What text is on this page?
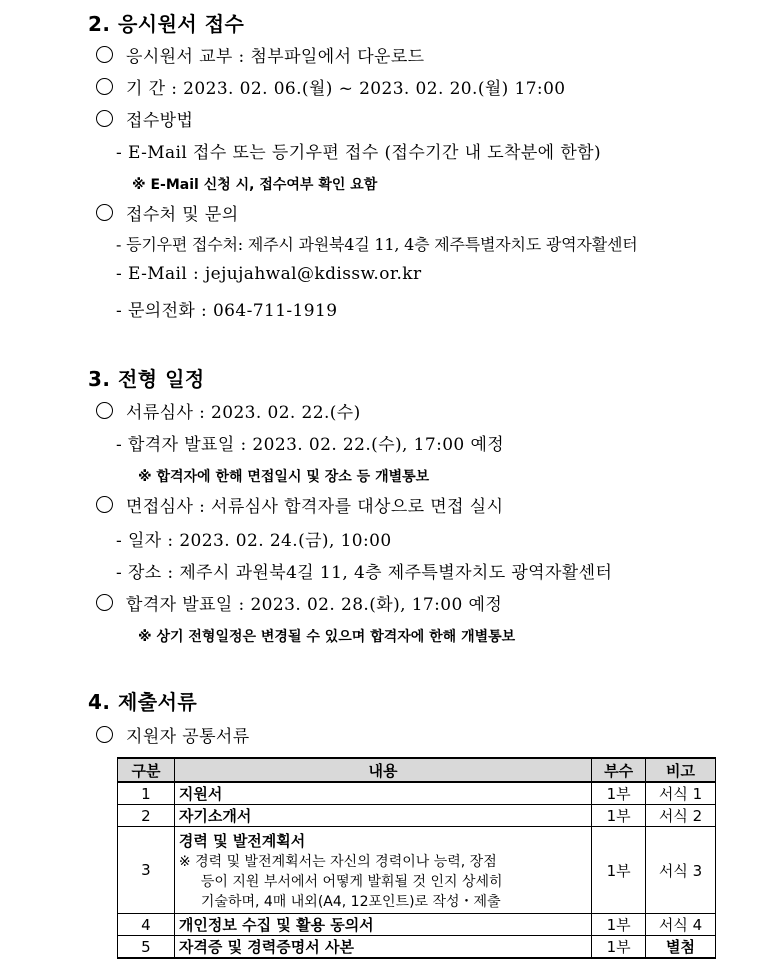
2. 응시원서 접수
응시원서 교부 : 첨부파일에서 다운로드
기 간 : 2023. 02. 06.(월) ~ 2023. 02. 20.(월) 17:00
접수방법
- E-Mail 접수 또는 등기우편 접수 (접수기간 내 도착분에 한함)
※ E-Mail 신청 시, 접수여부 확인 요함
접수처 및 문의
- 등기우편 접수처: 제주시 과원북4길 11, 4층 제주특별자치도 광역자활센터
- E-Mail : jejujahwal@kdissw.or.kr
- 문의전화 : 064-711-1919
3. 전형 일정
서류심사 : 2023. 02. 22.(수)
- 합격자 발표일 : 2023. 02. 22.(수), 17:00 예정
※ 합격자에 한해 면접일시 및 장소 등 개별통보
면접심사 : 서류심사 합격자를 대상으로 면접 실시
- 일자 : 2023. 02. 24.(금), 10:00
- 장소 : 제주시 과원북4길 11, 4층 제주특별자치도 광역자활센터
합격자 발표일 : 2023. 02. 28.(화), 17:00 예정
※ 상기 전형일정은 변경될 수 있으며 합격자에 한해 개별통보
4. 제출서류
지원자 공통서류
구분	내용	부수	비고
1	지원서	1부	서식 1
2	자기소개서	1부	서식 2
3	경력 및 발전계획서
※ 경력 및 발전계획서는 자신의 경력이나 능력, 장점
등이 지원 부서에서 어떻게 발휘될 것 인지 상세히
기술하며, 4매 내외(A4, 12포인트)로 작성・제출	1부	서식 3
4	개인정보 수집 및 활용 동의서	1부	서식 4
5	자격증 및 경력증명서 사본	1부	별첨
